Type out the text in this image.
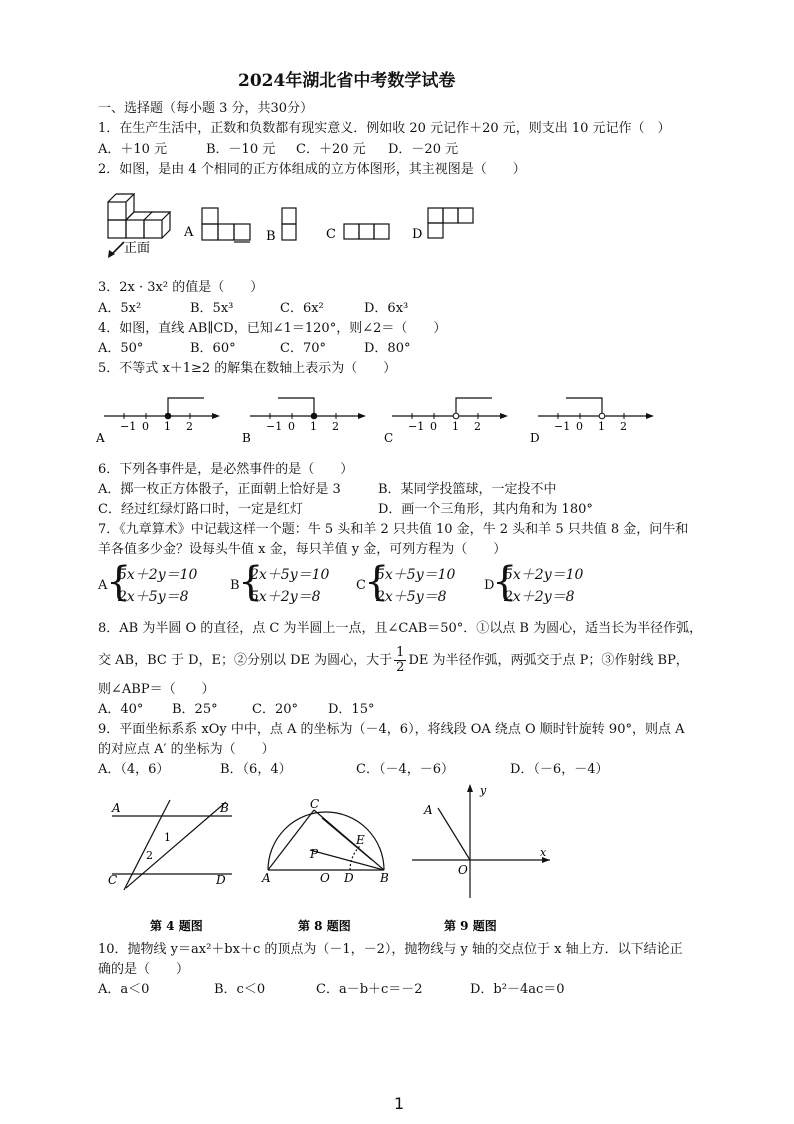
2024年湖北省中考数学试卷
一、选择题（每小题 3 分，共30分）
1．在生产生活中，正数和负数都有现实意义．例如收 20 元记作＋20 元，则支出 10 元记作（　）
A．＋10 元	B．－10 元 C．＋20 元 D．－20 元
2．如图，是由 4 个相同的正方体组成的立方体图形，其主视图是（　　）
正面
A	B	C	D
3．2x · 3x² 的值是（　　）
A．5x²	B．5x³	C．6x²	D．6x³
4．如图，直线 AB∥CD，已知∠1＝120°，则∠2＝（　　）
A．50°	B．60°	C．70°	D．80°
5．不等式 x＋1≥2 的解集在数轴上表示为（　　）
−1 0 1 2
A
−1 0 1 2
B
−1 0 1 2
C
−1 0 1 2
D
6．下列各事件是，是必然事件的是（　　）
A．掷一枚正方体骰子，正面朝上恰好是 3	B．某同学投篮球，一定投不中
C．经过红绿灯路口时，一定是红灯	D．画一个三角形，其内角和为 180°
7．《九章算术》中记载这样一个题：牛 5 头和羊 2 只共值 10 金，牛 2 头和羊 5 只共值 8 金，问牛和
羊各值多少金？设每头牛值 x 金，每只羊值 y 金，可列方程为（　　）
A
{
5x＋2y＝10
2x＋5y＝8
B
{
2x＋5y＝10
5x＋2y＝8
C
{
5x＋5y＝10
2x＋5y＝8
D
{
5x＋2y＝10
2x＋2y＝8
8．AB 为半圆 O 的直径，点 C 为半圆上一点，且∠CAB＝50°．①以点 B 为圆心，适当长为半径作弧，
交 AB，BC 于 D，E；②分别以 DE 为圆心，大于 $\frac{1}{2}$ DE 为半径作弧，两弧交于点 P；③作射线 BP，
则∠ABP＝（　　）
A．40° B．25°	C．20° D．15°
9．平面坐标系系 xOy 中中，点 A 的坐标为（－4，6），将线段 OA 绕点 O 顺时针旋转 90°，则点 A
的对应点 A′ 的坐标为（　　）
A．（4，6）	B．（6，4）	C．（－4，－6）	D．（－6，－4）
A	B
C	D
1
2
第 4 题图
C
E
P
A	O D B
第 8 题图
y
x
A
O
第 9 题图
10．抛物线 y＝ax²＋bx＋c 的顶点为（－1，－2），抛物线与 y 轴的交点位于 x 轴上方．以下结论正
确的是（　　）
A．a＜0	B．c＜0	C．a－b＋c＝－2	D．b²－4ac＝0
1
